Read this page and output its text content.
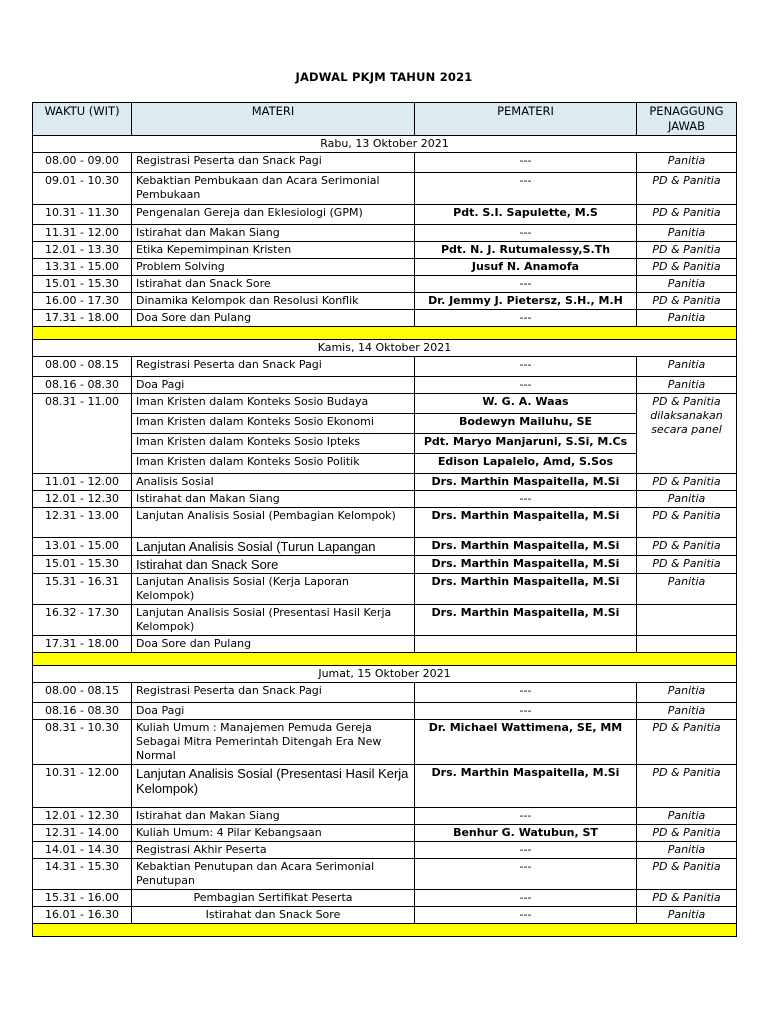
JADWAL PKJM TAHUN 2021
WAKTU (WIT)	MATERI	PEMATERI	PENAGGUNG JAWAB
Rabu, 13 Oktober 2021			
08.00 - 09.00	Registrasi Peserta dan Snack Pagi	---	Panitia
09.01 - 10.30	Kebaktian Pembukaan dan Acara Serimonial Pembukaan	---	PD & Panitia
10.31 - 11.30	Pengenalan Gereja dan Eklesiologi (GPM)	Pdt. S.I. Sapulette, M.S	PD & Panitia
11.31 - 12.00	Istirahat dan Makan Siang	---	Panitia
12.01 - 13.30	Etika Kepemimpinan Kristen	Pdt. N. J. Rutumalessy,S.Th	PD & Panitia
13.31 - 15.00	Problem Solving	Jusuf N. Anamofa	PD & Panitia
15.01 - 15.30	Istirahat dan Snack Sore	---	Panitia
16.00 - 17.30	Dinamika Kelompok dan Resolusi Konflik	Dr. Jemmy J. Pietersz, S.H., M.H	PD & Panitia
17.31 - 18.00	Doa Sore dan Pulang	---	Panitia

Kamis, 14 Oktober 2021			
08.00 - 08.15	Registrasi Peserta dan Snack Pagi	---	Panitia
08.16 - 08.30	Doa Pagi	---	Panitia
08.31 - 11.00	Iman Kristen dalam Konteks Sosio Budaya	W. G. A. Waas	PD & Panitia dilaksanakan secara panel
	Iman Kristen dalam Konteks Sosio Ekonomi	Bodewyn Mailuhu, SE	
	Iman Kristen dalam Konteks Sosio Ipteks	Pdt. Maryo Manjaruni, S.Si, M.Cs	
	Iman Kristen dalam Konteks Sosio Politik	Edison Lapalelo, Amd, S.Sos	
11.01 - 12.00	Analisis Sosial	Drs. Marthin Maspaitella, M.Si	PD & Panitia
12.01 - 12.30	Istirahat dan Makan Siang	---	Panitia
12.31 - 13.00	Lanjutan Analisis Sosial (Pembagian Kelompok)	Drs. Marthin Maspaitella, M.Si	PD & Panitia
13.01 - 15.00	Lanjutan Analisis Sosial (Turun Lapangan	Drs. Marthin Maspaitella, M.Si	PD & Panitia
15.01 - 15.30	Istirahat dan Snack Sore	Drs. Marthin Maspaitella, M.Si	PD & Panitia
15.31 - 16.31	Lanjutan Analisis Sosial (Kerja Laporan Kelompok)	Drs. Marthin Maspaitella, M.Si	Panitia
16.32 - 17.30	Lanjutan Analisis Sosial (Presentasi Hasil Kerja Kelompok)	Drs. Marthin Maspaitella, M.Si	
17.31 - 18.00	Doa Sore dan Pulang		

Jumat, 15 Oktober 2021			
08.00 - 08.15	Registrasi Peserta dan Snack Pagi	---	Panitia
08.16 - 08.30	Doa Pagi	---	Panitia
08.31 - 10.30	Kuliah Umum : Manajemen Pemuda Gereja Sebagai Mitra Pemerintah Ditengah Era New Normal	Dr. Michael Wattimena, SE, MM	PD & Panitia
10.31 - 12.00	Lanjutan Analisis Sosial (Presentasi Hasil Kerja Kelompok)	Drs. Marthin Maspaitella, M.Si	PD & Panitia
12.01 - 12.30	Istirahat dan Makan Siang	---	Panitia
12.31 - 14.00	Kuliah Umum: 4 Pilar Kebangsaan	Benhur G. Watubun, ST	PD & Panitia
14.01 - 14.30	Registrasi Akhir Peserta	---	Panitia
14.31 - 15.30	Kebaktian Penutupan dan Acara Serimonial Penutupan	---	PD & Panitia
15.31 - 16.00	Pembagian Sertifikat Peserta	---	PD & Panitia
16.01 - 16.30	Istirahat dan Snack Sore	---	Panitia
